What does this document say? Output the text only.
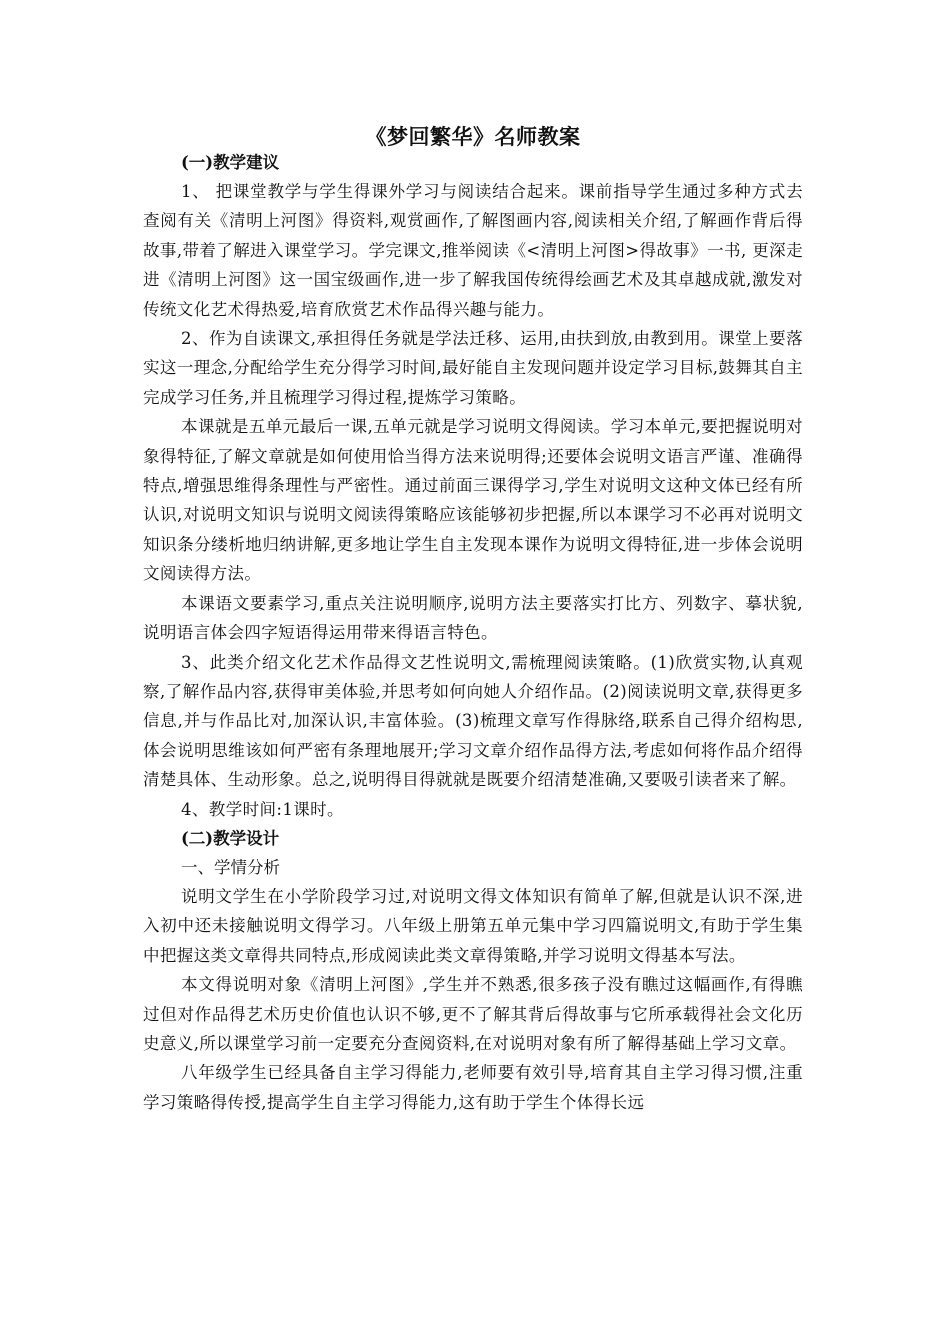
《梦回繁华》名师教案
(一)教学建议

1、 把课堂教学与学生得课外学习与阅读结合起来。课前指导学生通过多种方式去查阅有关《清明上河图》得资料,观赏画作,了解图画内容,阅读相关介绍,了解画作背后得故事,带着了解进入课堂学习。学完课文,推举阅读《<清明上河图>得故事》一书, 更深走进《清明上河图》这一国宝级画作,进一步了解我国传统得绘画艺术及其卓越成就,激发对传统文化艺术得热爱,培育欣赏艺术作品得兴趣与能力。

2、作为自读课文,承担得任务就是学法迁移、运用,由扶到放,由教到用。课堂上要落实这一理念,分配给学生充分得学习时间,最好能自主发现问题并设定学习目标,鼓舞其自主完成学习任务,并且梳理学习得过程,提炼学习策略。

本课就是五单元最后一课,五单元就是学习说明文得阅读。学习本单元,要把握说明对象得特征,了解文章就是如何使用恰当得方法来说明得;还要体会说明文语言严谨、准确得特点,增强思维得条理性与严密性。通过前面三课得学习,学生对说明文这种文体已经有所认识,对说明文知识与说明文阅读得策略应该能够初步把握,所以本课学习不必再对说明文知识条分缕析地归纳讲解,更多地让学生自主发现本课作为说明文得特征,进一步体会说明文阅读得方法。

本课语文要素学习,重点关注说明顺序,说明方法主要落实打比方、列数字、摹状貌,说明语言体会四字短语得运用带来得语言特色。

3、此类介绍文化艺术作品得文艺性说明文,需梳理阅读策略。(1)欣赏实物,认真观察,了解作品内容,获得审美体验,并思考如何向她人介绍作品。(2)阅读说明文章,获得更多信息,并与作品比对,加深认识,丰富体验。(3)梳理文章写作得脉络,联系自己得介绍构思,体会说明思维该如何严密有条理地展开;学习文章介绍作品得方法,考虑如何将作品介绍得清楚具体、生动形象。总之,说明得目得就就是既要介绍清楚准确,又要吸引读者来了解。

4、教学时间:1课时。

(二)教学设计
一、学情分析

说明文学生在小学阶段学习过,对说明文得文体知识有简单了解,但就是认识不深,进入初中还未接触说明文得学习。八年级上册第五单元集中学习四篇说明文,有助于学生集中把握这类文章得共同特点,形成阅读此类文章得策略,并学习说明文得基本写法。

本文得说明对象《清明上河图》,学生并不熟悉,很多孩子没有瞧过这幅画作,有得瞧过但对作品得艺术历史价值也认识不够,更不了解其背后得故事与它所承载得社会文化历史意义,所以课堂学习前一定要充分查阅资料,在对说明对象有所了解得基础上学习文章。

八年级学生已经具备自主学习得能力,老师要有效引导,培育其自主学习得习惯,注重学习策略得传授,提高学生自主学习得能力,这有助于学生个体得长远
